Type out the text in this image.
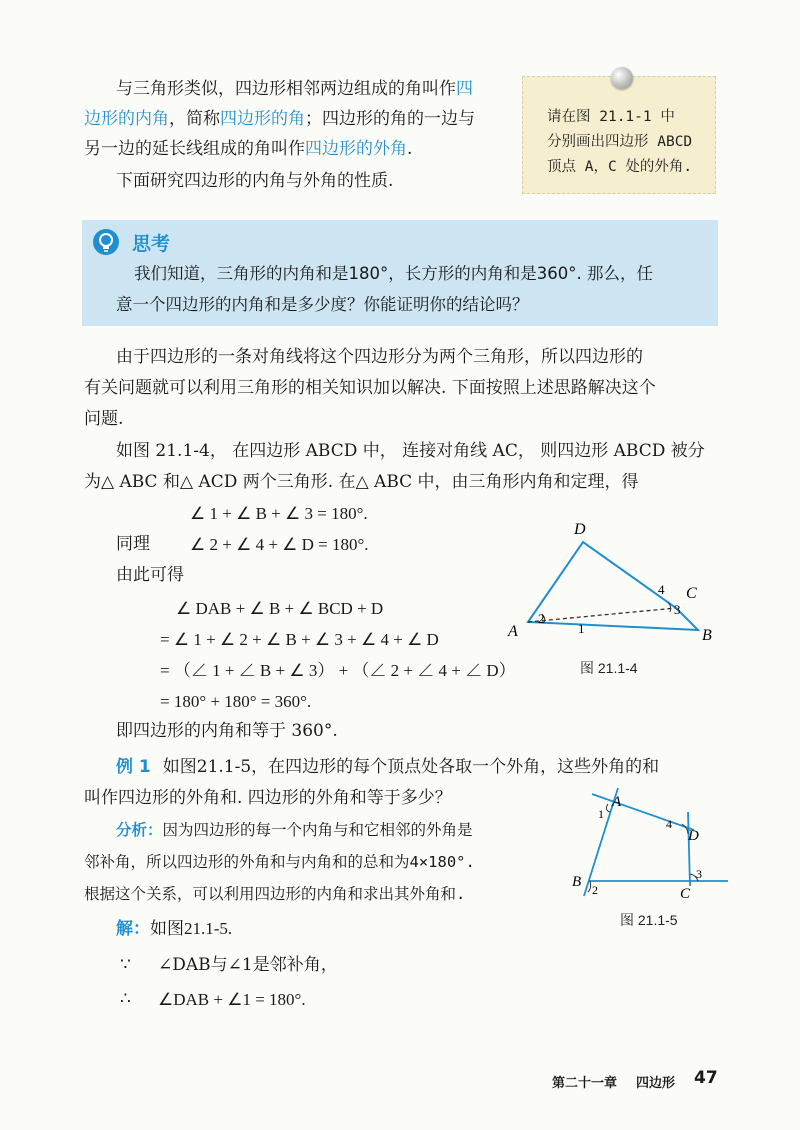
与三角形类似，四边形相邻两边组成的角叫作四
边形的内角，简称四边形的角；四边形的角的一边与
另一边的延长线组成的角叫作四边形的外角.
下面研究四边形的内角与外角的性质.
请在图 21.1-1 中
分别画出四边形 ABCD
顶点 A，C 处的外角.
思考
我们知道，三角形的内角和是180°，长方形的内角和是360°. 那么，任
意一个四边形的内角和是多少度？你能证明你的结论吗？
由于四边形的一条对角线将这个四边形分为两个三角形，所以四边形的
有关问题就可以利用三角形的相关知识加以解决. 下面按照上述思路解决这个
问题.
如图 21.1-4， 在四边形 ABCD 中， 连接对角线 AC， 则四边形 ABCD 被分
为△ ABC 和△ ACD 两个三角形. 在△ ABC 中，由三角形内角和定理，得
∠ 1 + ∠ B + ∠ 3 = 180°.
同理 ∠ 2 + ∠ 4 + ∠ D = 180°.
由此可得
∠ DAB + ∠ B + ∠ BCD + D
= ∠ 1 + ∠ 2 + ∠ B + ∠ 3 + ∠ 4 + ∠ D
= （∠ 1 + ∠ B + ∠ 3） + （∠ 2 + ∠ 4 + ∠ D）
= 180° + 180° = 360°.
即四边形的内角和等于 360°.
D
C
A	B
1
2
3
4
图 21.1-4
例 1 如图21.1-5，在四边形的每个顶点处各取一个外角，这些外角的和
叫作四边形的外角和. 四边形的外角和等于多少？
分析：因为四边形的每一个内角与和它相邻的外角是
邻补角，所以四边形的外角和与内角和的总和为4×180°.
根据这个关系，可以利用四边形的内角和求出其外角和.
解：如图21.1-5.
∵ ∠DAB与∠1是邻补角，
∴ ∠DAB + ∠1 = 180°.
A
D
B
C
1
4
2
3
图 21.1-5
第二十一章 四边形 47
